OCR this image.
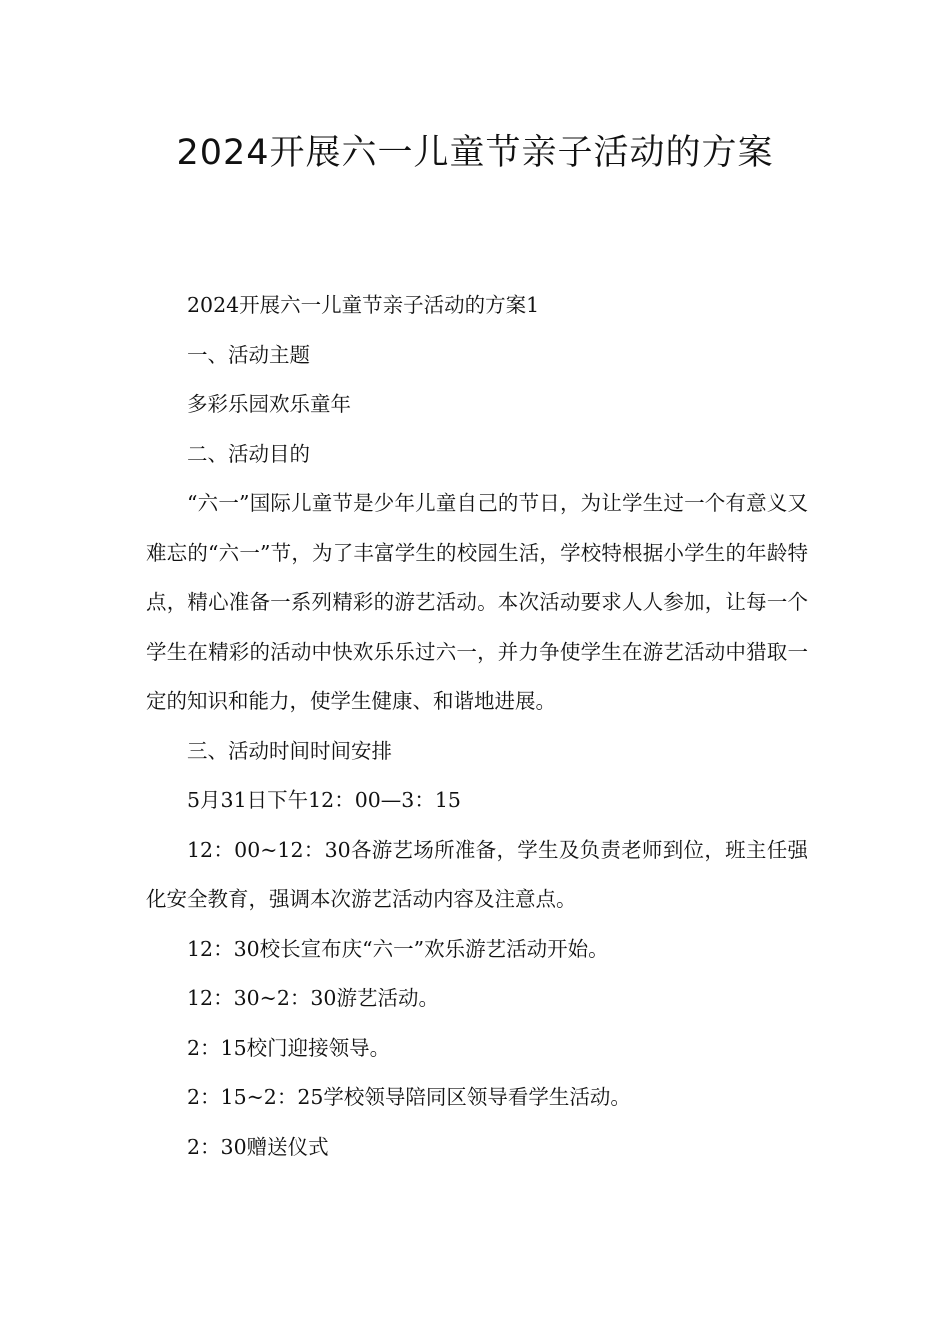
2024开展六一儿童节亲子活动的方案

2024开展六一儿童节亲子活动的方案1

一、活动主题

多彩乐园欢乐童年

二、活动目的

“六一”国际儿童节是少年儿童自己的节日，为让学生过一个有意义又难忘的“六一”节，为了丰富学生的校园生活，学校特根据小学生的年龄特点，精心准备一系列精彩的游艺活动。本次活动要求人人参加，让每一个学生在精彩的活动中快欢乐乐过六一，并力争使学生在游艺活动中猎取一定的知识和能力，使学生健康、和谐地进展。

三、活动时间时间安排

5月31日下午12：00—3：15

12：00~12：30各游艺场所准备，学生及负责老师到位，班主任强化安全教育，强调本次游艺活动内容及注意点。

12：30校长宣布庆“六一”欢乐游艺活动开始。

12：30~2：30游艺活动。

2：15校门迎接领导。

2：15~2：25学校领导陪同区领导看学生活动。

2：30赠送仪式
